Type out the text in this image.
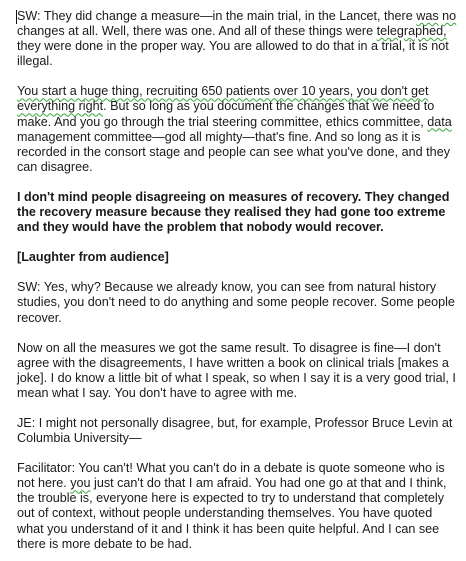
SW: They did change a measure—in the main trial, in the Lancet, there was no changes at all. Well, there was one. And all of these things were telegraphed, they were done in the proper way. You are allowed to do that in a trial, it is not illegal.

You start a huge thing, recruiting 650 patients over 10 years, you don't get everything right. But so long as you document the changes that we need to make. And you go through the trial steering committee, ethics committee, data management committee—god all mighty—that's fine. And so long as it is recorded in the consort stage and people can see what you've done, and they can disagree.

I don't mind people disagreeing on measures of recovery. They changed the recovery measure because they realised they had gone too extreme and they would have the problem that nobody would recover.

[Laughter from audience]

SW: Yes, why? Because we already know, you can see from natural history studies, you don't need to do anything and some people recover. Some people recover.

Now on all the measures we got the same result. To disagree is fine—I don't agree with the disagreements, I have written a book on clinical trials [makes a joke]. I do know a little bit of what I speak, so when I say it is a very good trial, I mean what I say. You don't have to agree with me.

JE: I might not personally disagree, but, for example, Professor Bruce Levin at Columbia University—

Facilitator: You can't! What you can't do in a debate is quote someone who is not here. you just can't do that I am afraid. You had one go at that and I think, the trouble is, everyone here is expected to try to understand that completely out of context, without people understanding themselves. You have quoted what you understand of it and I think it has been quite helpful. And I can see there is more debate to be had.
